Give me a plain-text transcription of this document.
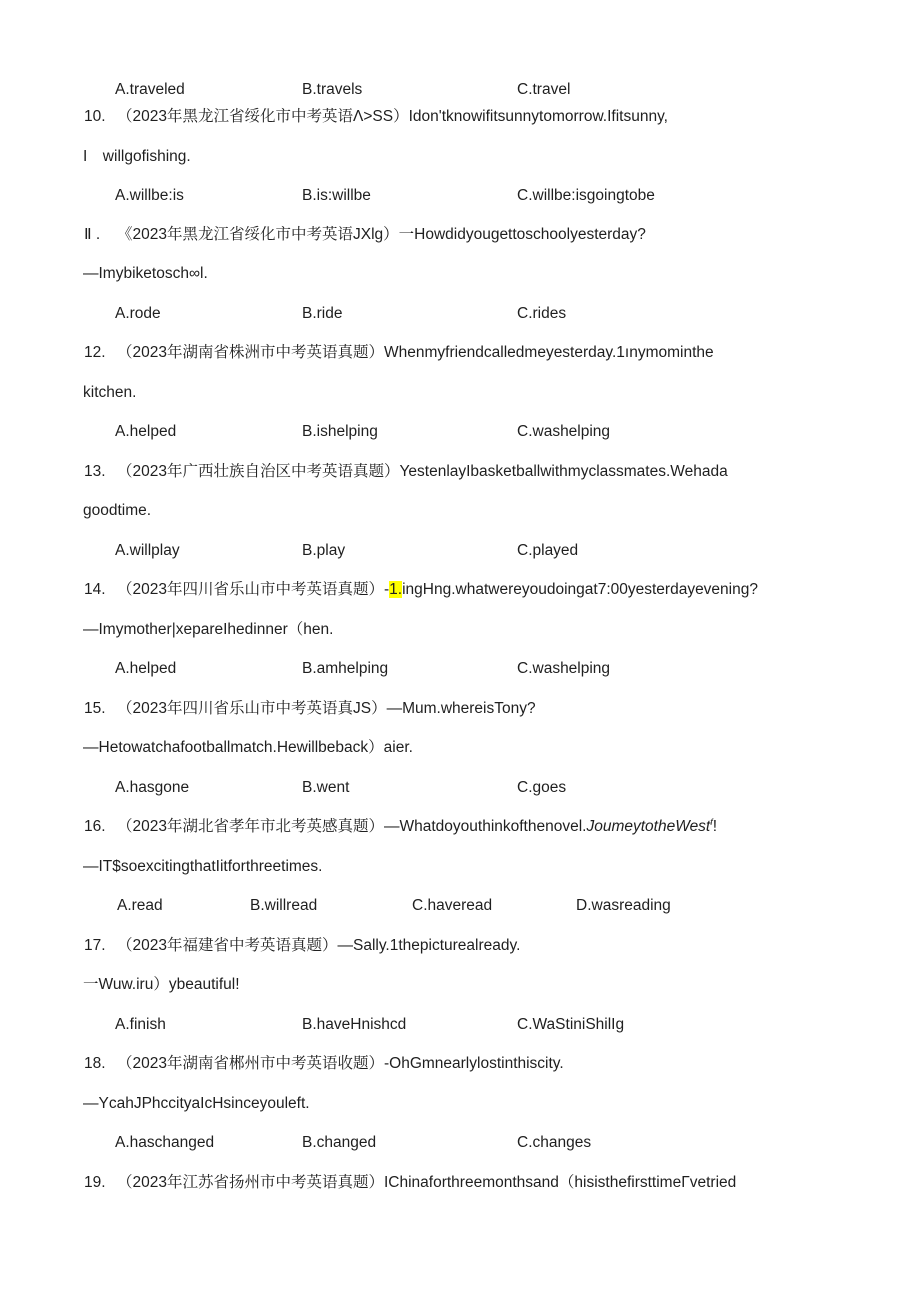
A.traveled	B.travels	C.travel
10. （2023年黑龙江省绥化市中考英语Λ>SS）Idon'tknowifitsunnytomorrow.Ifitsunny,
I　willgofishing.
A.willbe:is	B.is:willbe	C.willbe:isgoingtobe
Ⅱ . 《2023年黑龙江省绥化市中考英语JXlg）一Howdidyougettoschoolyesterday?
—Imybiketosch∞l.
A.rode	B.ride	C.rides
12. （2023年湖南省株洲市中考英语真题）Whenmyfriendcalledmeyesterday.1ınymominthe
kitchen.
A.helped	B.ishelping	C.washelping
13. （2023年广西壮族自治区中考英语真题）YestenlayIbasketballwithmyclassmates.Wehada
goodtime.
A.willplay	B.play	C.played
14. （2023年四川省乐山市中考英语真题）-1.ingHng.whatwereyoudoingat7:00yesterdayevening?
—Imymother|xepareIhedinner（hen.
A.helped	B.amhelping	C.washelping
15. （2023年四川省乐山市中考英语真JS）—Mum.whereisTony?
—Hetowatchafootballmatch.Hewillbeback）aier.
A.hasgone	B.went	C.goes
16. （2023年湖北省孝年市北考英感真题）—Whatdoyouthinkofthenovel.JoumeytotheWest$^f$!
—IT$soexcitingthatIitforthreetimes.
A.read	B.willread	C.haveread	D.wasreading
17. （2023年福建省中考英语真题）—Sally.1thepicturealready.
一Wuw.iru）ybeautiful!
A.finish	B.haveHnishcd	C.WaStiniShilIg
18. （2023年湖南省郴州市中考英语收题）-OhGmnearlylostinthiscity.
—YcahJPhccityaIcHsinceyouleft.
A.haschanged	B.changed	C.changes
19. （2023年江苏省扬州市中考英语真题）IChinaforthreemonthsand（hisisthefirsttimeΓvetried
